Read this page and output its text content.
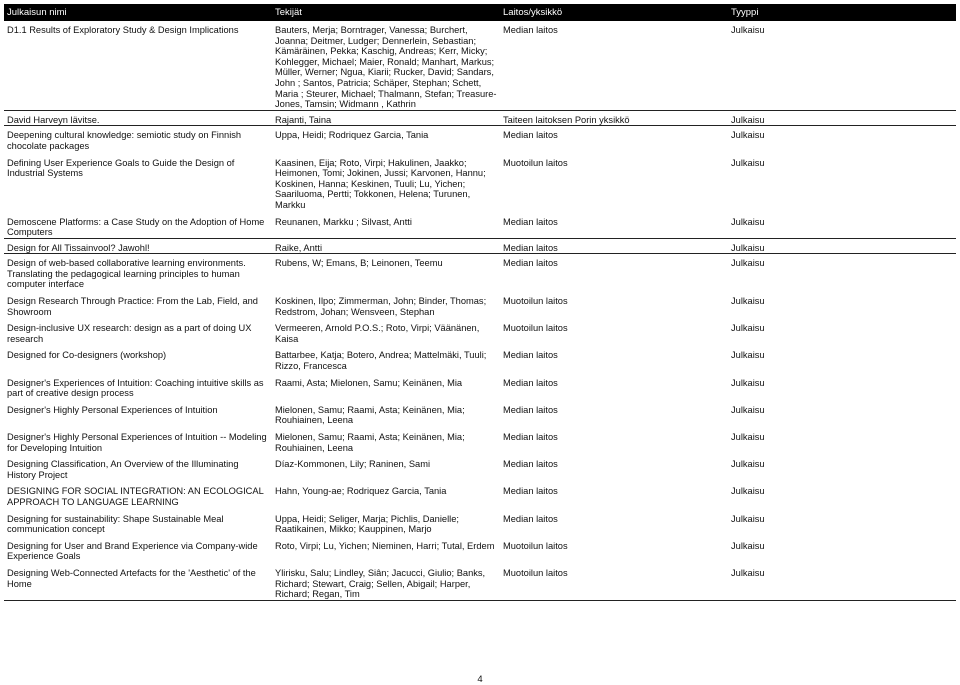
Julkaisun nimi	Tekijät	Laitos/yksikkö	Tyyppi

D1.1 Results of Exploratory Study & Design Implications	Bauters, Merja; Borntrager, Vanessa; Burchert, Joanna; Deitmer, Ludger; Dennerlein, Sebastian; Kämäräinen, Pekka; Kaschig, Andreas; Kerr, Micky; Kohlegger, Michael; Maier, Ronald; Manhart, Markus; Müller, Werner; Ngua, Kiarii; Rucker, David; Sandars, John ; Santos, Patricia; Schäper, Stephan; Schett, Maria ; Steurer, Michael; Thalmann, Stefan; Treasure-Jones, Tamsin; Widmann , Kathrin	Median laitos	Julkaisu

David Harveyn lävitse.	Rajanti, Taina	Taiteen laitoksen Porin yksikkö	Julkaisu

Deepening cultural knowledge: semiotic study on Finnish chocolate packages	Uppa, Heidi; Rodriquez Garcia, Tania	Median laitos	Julkaisu

Defining User Experience Goals to Guide the Design of Industrial Systems	Kaasinen, Eija; Roto, Virpi; Hakulinen, Jaakko; Heimonen, Tomi; Jokinen, Jussi; Karvonen, Hannu; Koskinen, Hanna; Keskinen, Tuuli; Lu, Yichen; Saariluoma, Pertti; Tokkonen, Helena; Turunen, Markku	Muotoilun laitos	Julkaisu

Demoscene Platforms: a Case Study on the Adoption of Home Computers	Reunanen, Markku ; Silvast, Antti	Median laitos	Julkaisu

Design for All Tissainvool? Jawohl!	Raike, Antti	Median laitos	Julkaisu

Design of web-based collaborative learning environments. Translating the pedagogical learning principles to human computer interface	Rubens, W; Emans, B; Leinonen, Teemu	Median laitos	Julkaisu

Design Research Through Practice: From the Lab, Field, and Showroom	Koskinen, Ilpo; Zimmerman, John; Binder, Thomas; Redstrom, Johan; Wensveen, Stephan	Muotoilun laitos	Julkaisu

Design-inclusive UX research: design as a part of doing UX research	Vermeeren, Arnold P.O.S.; Roto, Virpi; Väänänen, Kaisa	Muotoilun laitos	Julkaisu

Designed for Co-designers (workshop)	Battarbee, Katja; Botero, Andrea; Mattelmäki, Tuuli; Rizzo, Francesca	Median laitos	Julkaisu

Designer's Experiences of Intuition: Coaching intuitive skills as part of creative design process	Raami, Asta; Mielonen, Samu; Keinänen, Mia	Median laitos	Julkaisu

Designer's Highly Personal Experiences of Intuition	Mielonen, Samu; Raami, Asta; Keinänen, Mia; Rouhiainen, Leena	Median laitos	Julkaisu

Designer's Highly Personal Experiences of Intuition -- Modeling for Developing Intuition	Mielonen, Samu; Raami, Asta; Keinänen, Mia; Rouhiainen, Leena	Median laitos	Julkaisu

Designing Classification, An Overview of the Illuminating History Project	Díaz-Kommonen, Lily; Raninen, Sami	Median laitos	Julkaisu

DESIGNING FOR SOCIAL INTEGRATION: AN ECOLOGICAL APPROACH TO LANGUAGE LEARNING	Hahn, Young-ae; Rodriquez Garcia, Tania	Median laitos	Julkaisu

Designing for sustainability: Shape Sustainable Meal communication concept	Uppa, Heidi; Seliger, Marja; Pichlis, Danielle; Raatikainen, Mikko; Kauppinen, Marjo	Median laitos	Julkaisu

Designing for User and Brand Experience via Company-wide Experience Goals	Roto, Virpi; Lu, Yichen; Nieminen, Harri; Tutal, Erdem	Muotoilun laitos	Julkaisu

Designing Web-Connected Artefacts for the 'Aesthetic' of the Home	Ylirisku, Salu; Lindley, Siân; Jacucci, Giulio; Banks, Richard; Stewart, Craig; Sellen, Abigail; Harper, Richard; Regan, Tim	Muotoilun laitos	Julkaisu

4
